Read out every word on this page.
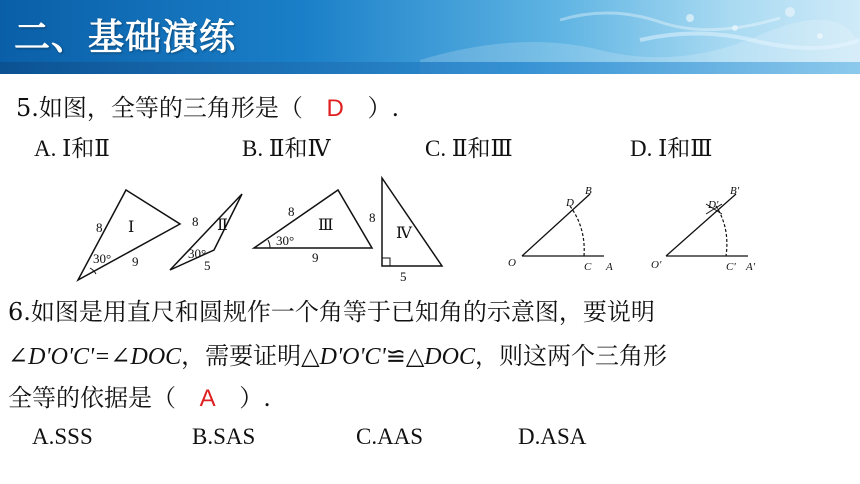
二、基础演练
5.如图，全等的三角形是（ D ）.
A. Ⅰ和Ⅱ	B. Ⅱ和Ⅳ	C. Ⅱ和Ⅲ	D. Ⅰ和Ⅲ
Ⅰ
8
9
30°
Ⅱ
8
5
30°
Ⅲ
8
9
30°	Ⅳ
8
5
O	C A
D
B
O'	C' A'
D'
B'
6.如图是用直尺和圆规作一个角等于已知角的示意图，要说明
∠D'O'C'=∠DOC，需要证明△D'O'C'≌△DOC，则这两个三角形
全等的依据是（ A ）.
A.SSS	B.SAS	C.AAS	D.ASA
